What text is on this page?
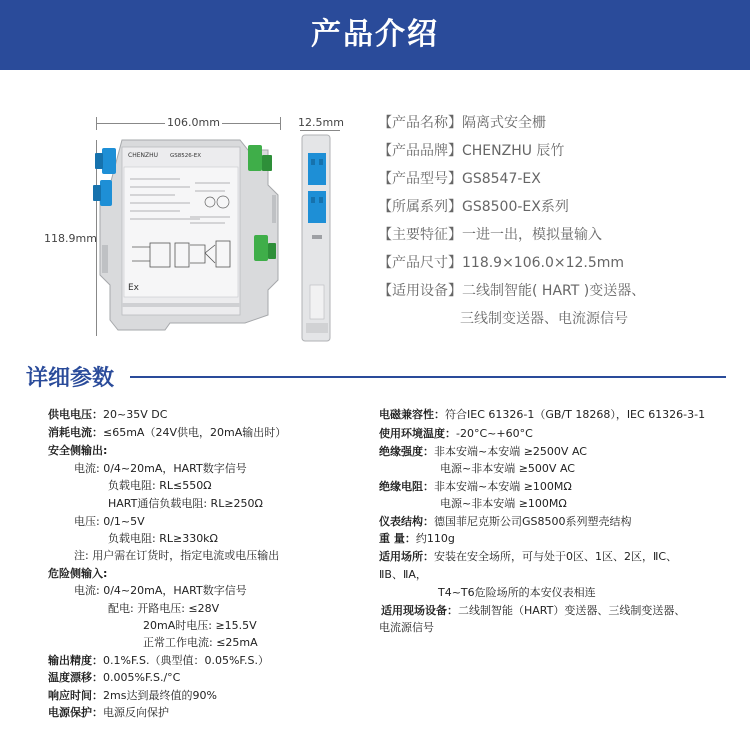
产品介绍
106.0mm
118.9mm
12.5mm
CHENZHU GS8526-EX
Ex
【产品名称】隔离式安全栅
【产品品牌】CHENZHU 辰竹
【产品型号】GS8547-EX
【所属系列】GS8500-EX系列
【主要特征】一进一出，模拟量输入
【产品尺寸】118.9×106.0×12.5mm
【适用设备】二线制智能( HART )变送器、
三线制变送器、电流源信号
详细参数
供电电压：20~35V DC
消耗电流：≤65mA（24V供电，20mA输出时）
安全侧输出:
电流: 0/4~20mA，HART数字信号
负载电阻: RL≤550Ω
HART通信负载电阻: RL≥250Ω
电压: 0/1~5V
负载电阻: RL≥330kΩ
注: 用户需在订货时，指定电流或电压输出
危险侧输入:
电流: 0/4~20mA，HART数字信号
配电: 开路电压: ≤28V
20mA时电压: ≥15.5V
正常工作电流: ≤25mA
输出精度：0.1%F.S.（典型值：0.05%F.S.）
温度漂移：0.005%F.S./°C
响应时间：2ms达到最终值的90%
电源保护：电源反向保护
电磁兼容性：符合IEC 61326-1（GB/T 18268），IEC 61326-3-1
使用环境温度：-20°C~+60°C
绝缘强度：非本安端~本安端 ≥2500V AC
电源~非本安端 ≥500V AC
绝缘电阻：非本安端~本安端 ≥100MΩ
电源~非本安端 ≥100MΩ
仪表结构：德国菲尼克斯公司GS8500系列塑壳结构
重 量：约110g
适用场所：安装在安全场所，可与处于0区、1区、2区，ⅡC、
ⅡB、ⅡA，
T4~T6危险场所的本安仪表相连
适用现场设备：二线制智能（HART）变送器、三线制变送器、
电流源信号
